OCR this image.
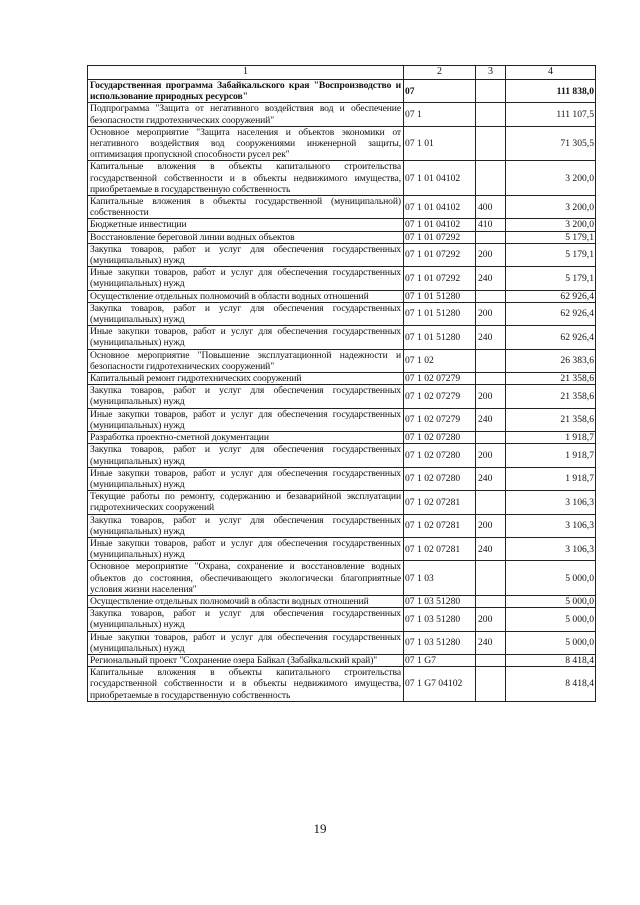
1	2	3	4
Государственная программа Забайкальского края "Воспроизводство и использование природных ресурсов"	07		111 838,0
Подпрограмма "Защита от негативного воздействия вод и обеспечение безопасности гидротехнических сооружений"	07 1		111 107,5
Основное мероприятие "Защита населения и объектов экономики от негативного воздействия вод сооружениями инженерной защиты, оптимизация пропускной способности русел рек"	07 1 01		71 305,5
Капитальные вложения в объекты капитального строительства государственной собственности и в объекты недвижимого имущества, приобретаемые в государственную собственность	07 1 01 04102		3 200,0
Капитальные вложения в объекты государственной (муниципальной) собственности	07 1 01 04102	400	3 200,0
Бюджетные инвестиции	07 1 01 04102	410	3 200,0
Восстановление береговой линии водных объектов	07 1 01 07292		5 179,1
Закупка товаров, работ и услуг для обеспечения государственных (муниципальных) нужд	07 1 01 07292	200	5 179,1
Иные закупки товаров, работ и услуг для обеспечения государственных (муниципальных) нужд	07 1 01 07292	240	5 179,1
Осуществление отдельных полномочий в области водных отношений	07 1 01 51280		62 926,4
Закупка товаров, работ и услуг для обеспечения государственных (муниципальных) нужд	07 1 01 51280	200	62 926,4
Иные закупки товаров, работ и услуг для обеспечения государственных (муниципальных) нужд	07 1 01 51280	240	62 926,4
Основное мероприятие "Повышение эксплуатационной надежности и безопасности гидротехнических сооружений"	07 1 02		26 383,6
Капитальный ремонт гидротехнических сооружений	07 1 02 07279		21 358,6
Закупка товаров, работ и услуг для обеспечения государственных (муниципальных) нужд	07 1 02 07279	200	21 358,6
Иные закупки товаров, работ и услуг для обеспечения государственных (муниципальных) нужд	07 1 02 07279	240	21 358,6
Разработка проектно-сметной документации	07 1 02 07280		1 918,7
Закупка товаров, работ и услуг для обеспечения государственных (муниципальных) нужд	07 1 02 07280	200	1 918,7
Иные закупки товаров, работ и услуг для обеспечения государственных (муниципальных) нужд	07 1 02 07280	240	1 918,7
Текущие работы по ремонту, содержанию и безаварийной эксплуатации гидротехнических сооружений	07 1 02 07281		3 106,3
Закупка товаров, работ и услуг для обеспечения государственных (муниципальных) нужд	07 1 02 07281	200	3 106,3
Иные закупки товаров, работ и услуг для обеспечения государственных (муниципальных) нужд	07 1 02 07281	240	3 106,3
Основное мероприятие "Охрана, сохранение и восстановление водных объектов до состояния, обеспечивающего экологически благоприятные условия жизни населения"	07 1 03		5 000,0
Осуществление отдельных полномочий в области водных отношений	07 1 03 51280		5 000,0
Закупка товаров, работ и услуг для обеспечения государственных (муниципальных) нужд	07 1 03 51280	200	5 000,0
Иные закупки товаров, работ и услуг для обеспечения государственных (муниципальных) нужд	07 1 03 51280	240	5 000,0
Региональный проект "Сохранение озера Байкал (Забайкальский край)"	07 1 G7		8 418,4
Капитальные вложения в объекты капитального строительства государственной собственности и в объекты недвижимого имущества, приобретаемые в государственную собственность	07 1 G7 04102		8 418,4
19
